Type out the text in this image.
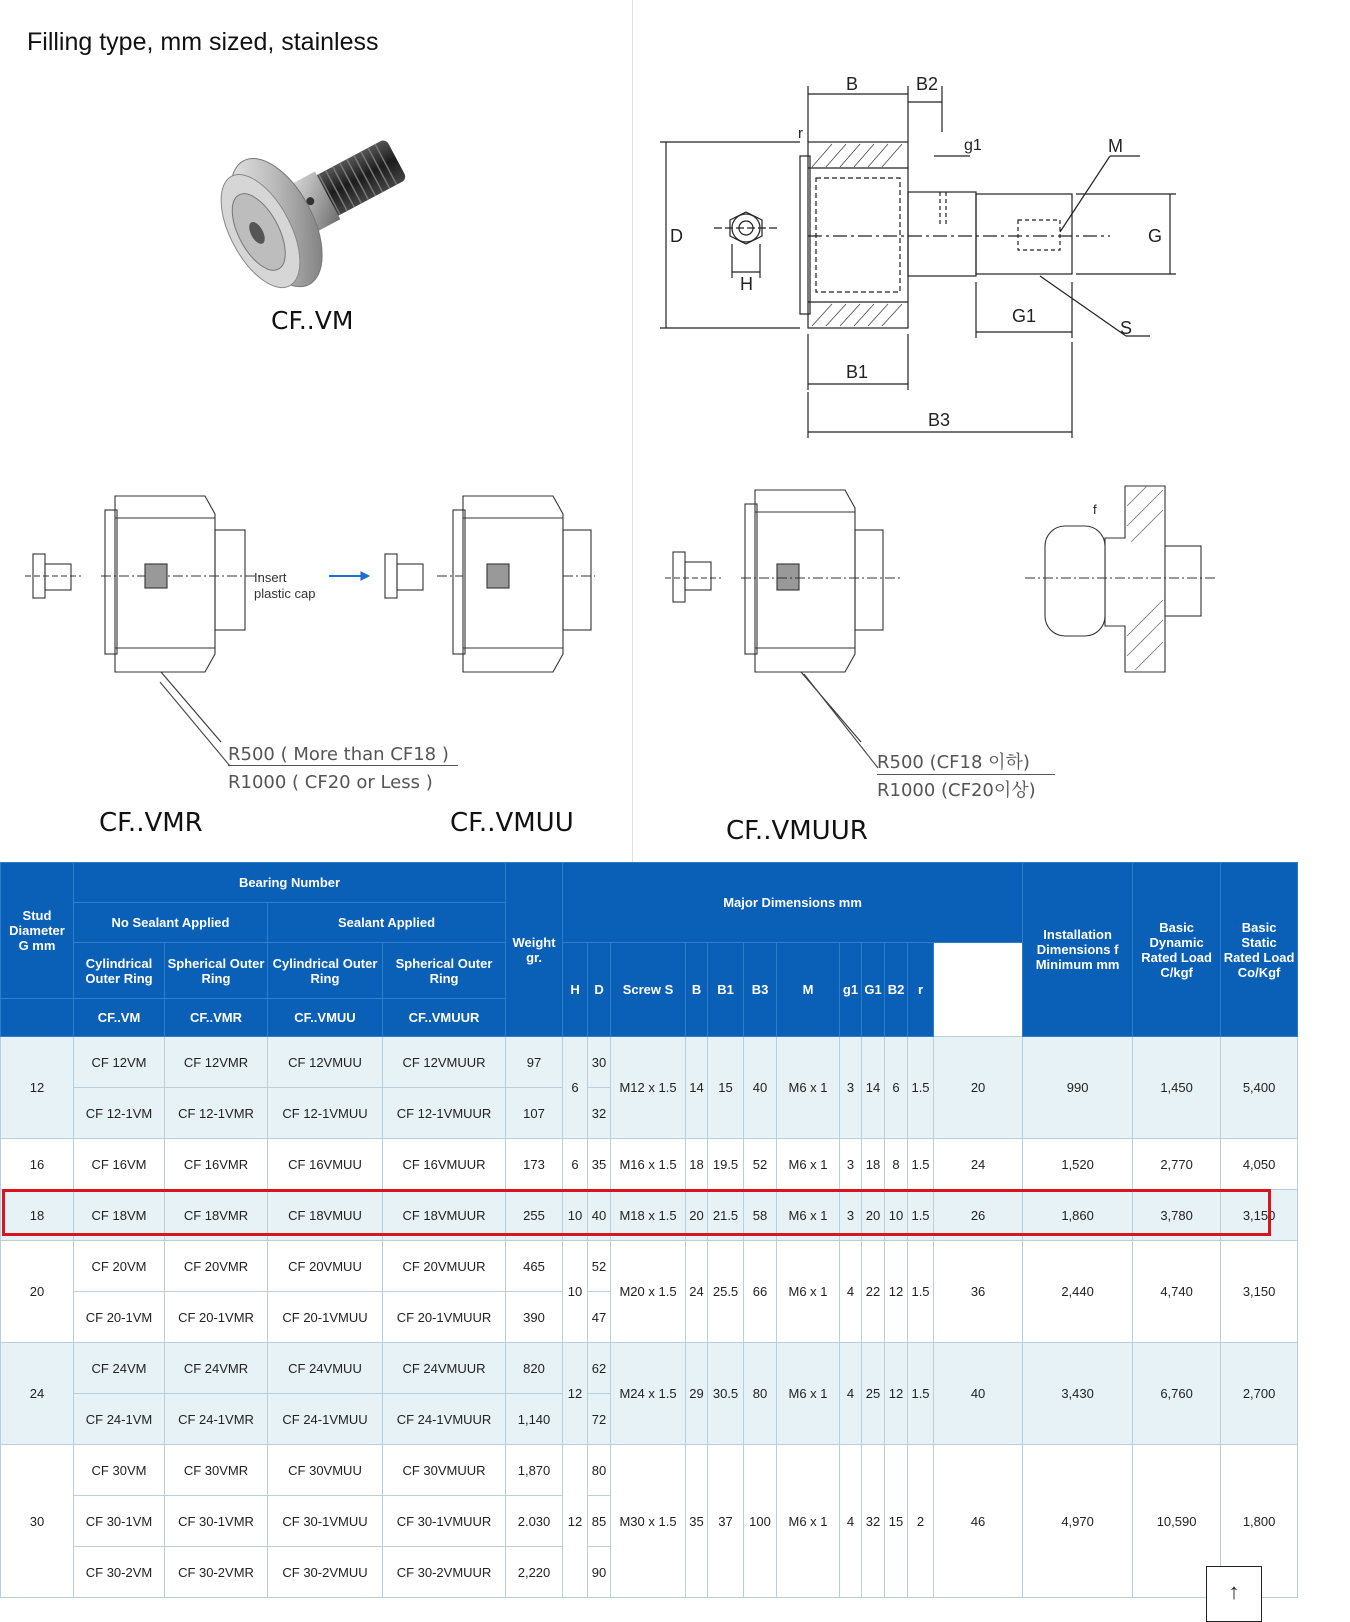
Filling type, mm sized, stainless
CF..VM
B	B2
g1	M
D	G
H
r
G1
S
B1
B3
Insert
plastic cap
R500 ( More than CF18 )
R1000 ( CF20 or Less )
CF..VMR	CF..VMUU
f
R500 (CF18 이하)
R1000 (CF20이상)
CF..VMUUR
Stud Diameter G mm	Bearing Number				Weight gr.	Major Dimensions mm												Installation Dimensions f Minimum mm	Basic Dynamic Rated Load C/kgf	Basic Static Rated Load Co/Kgf	Allowed RPM
	No Sealant Applied		Sealant Applied																		
	Cylindrical Outer Ring	Spherical Outer Ring	Cylindrical Outer Ring	Spherical Outer Ring		H	D	Screw S	B	B1	B3	M	g1	G1	B2	r					
	CF..VM	CF..VMR	CF..VMUU	CF..VMUUR																	
12	CF 12VM	CF 12VMR	CF 12VMUU	CF 12VMUUR	97	6	30	M12 x 1.5	14	15	40	M6 x 1	3	14	6	1.5	20	990	1,450	5,400	
	CF 12-1VM	CF 12-1VMR	CF 12-1VMUU	CF 12-1VMUUR	107		32														
16	CF 16VM	CF 16VMR	CF 16VMUU	CF 16VMUUR	173	6	35	M16 x 1.5	18	19.5	52	M6 x 1	3	18	8	1.5	24	1,520	2,770	4,050	
18	CF 18VM	CF 18VMR	CF 18VMUU	CF 18VMUUR	255	10	40	M18 x 1.5	20	21.5	58	M6 x 1	3	20	10	1.5	26	1,860	3,780	3,150	
20	CF 20VM	CF 20VMR	CF 20VMUU	CF 20VMUUR	465	10	52	M20 x 1.5	24	25.5	66	M6 x 1	4	22	12	1.5	36	2,440	4,740	3,150	
	CF 20-1VM	CF 20-1VMR	CF 20-1VMUU	CF 20-1VMUUR	390		47														
24	CF 24VM	CF 24VMR	CF 24VMUU	CF 24VMUUR	820	12	62	M24 x 1.5	29	30.5	80	M6 x 1	4	25	12	1.5	40	3,430	6,760	2,700	
	CF 24-1VM	CF 24-1VMR	CF 24-1VMUU	CF 24-1VMUUR	1,140		72														
30	CF 30VM	CF 30VMR	CF 30VMUU	CF 30VMUUR	1,870	12	80	M30 x 1.5	35	37	100	M6 x 1	4	32	15	2	46	4,970	10,590	1,800	
	CF 30-1VM	CF 30-1VMR	CF 30-1VMUU	CF 30-1VMUUR	2.030		85														
	CF 30-2VM	CF 30-2VMR	CF 30-2VMUU	CF 30-2VMUUR	2,220		90														
↑
